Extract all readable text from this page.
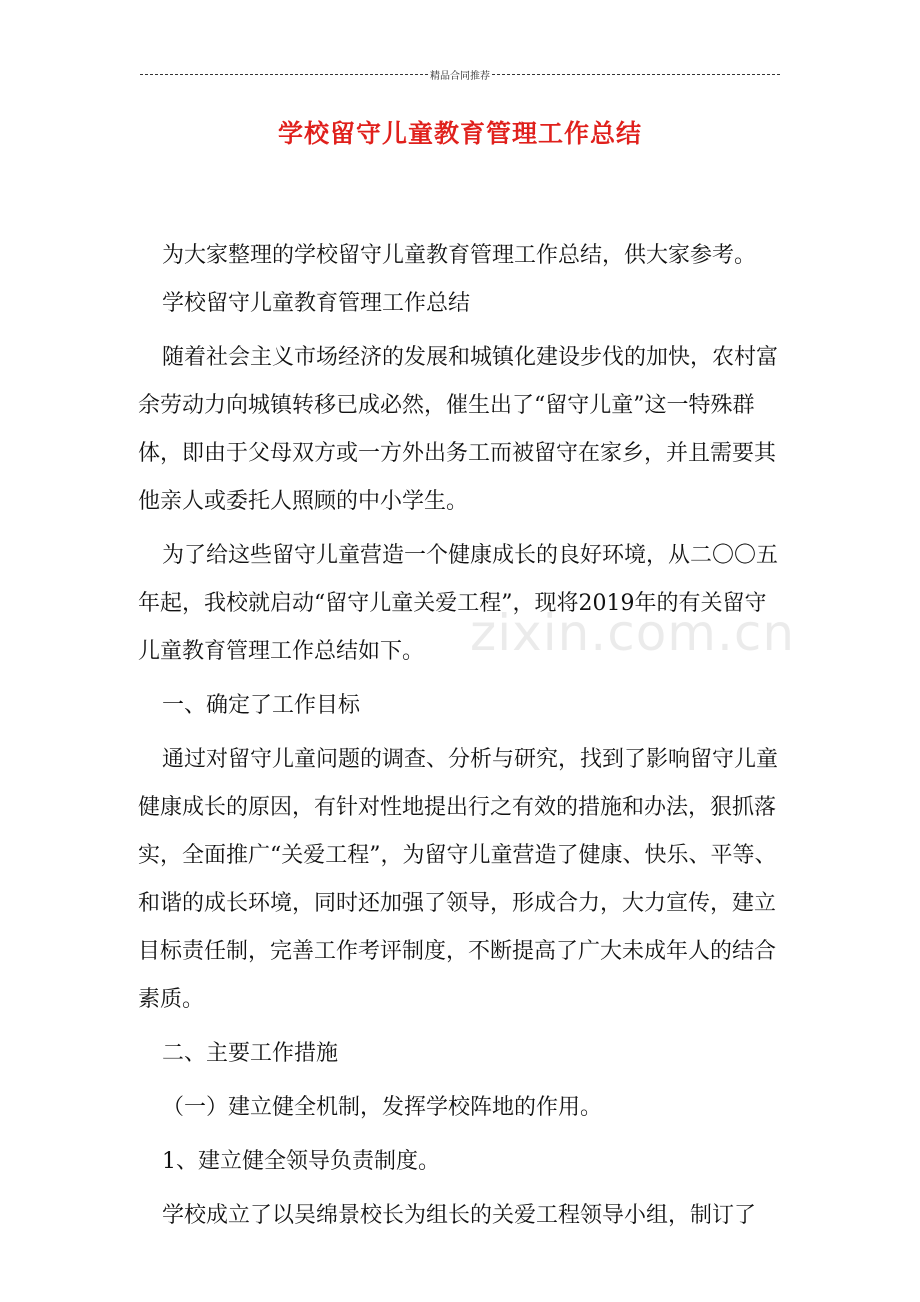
精品合同推荐
学校留守儿童教育管理工作总结

为大家整理的学校留守儿童教育管理工作总结，供大家参考。

学校留守儿童教育管理工作总结

随着社会主义市场经济的发展和城镇化建设步伐的加快，农村富余劳动力向城镇转移已成必然，催生出了“留守儿童”这一特殊群体，即由于父母双方或一方外出务工而被留守在家乡，并且需要其他亲人或委托人照顾的中小学生。

为了给这些留守儿童营造一个健康成长的良好环境，从二〇〇五年起，我校就启动“留守儿童关爱工程”，现将2019年的有关留守儿童教育管理工作总结如下。

一、确定了工作目标

通过对留守儿童问题的调查、分析与研究，找到了影响留守儿童健康成长的原因，有针对性地提出行之有效的措施和办法，狠抓落实，全面推广“关爱工程”，为留守儿童营造了健康、快乐、平等、和谐的成长环境，同时还加强了领导，形成合力，大力宣传，建立目标责任制，完善工作考评制度，不断提高了广大未成年人的结合素质。

二、主要工作措施

（一）建立健全机制，发挥学校阵地的作用。

1、建立健全领导负责制度。

学校成立了以吴绵景校长为组长的关爱工程领导小组，制订了

zixin.com.cn
